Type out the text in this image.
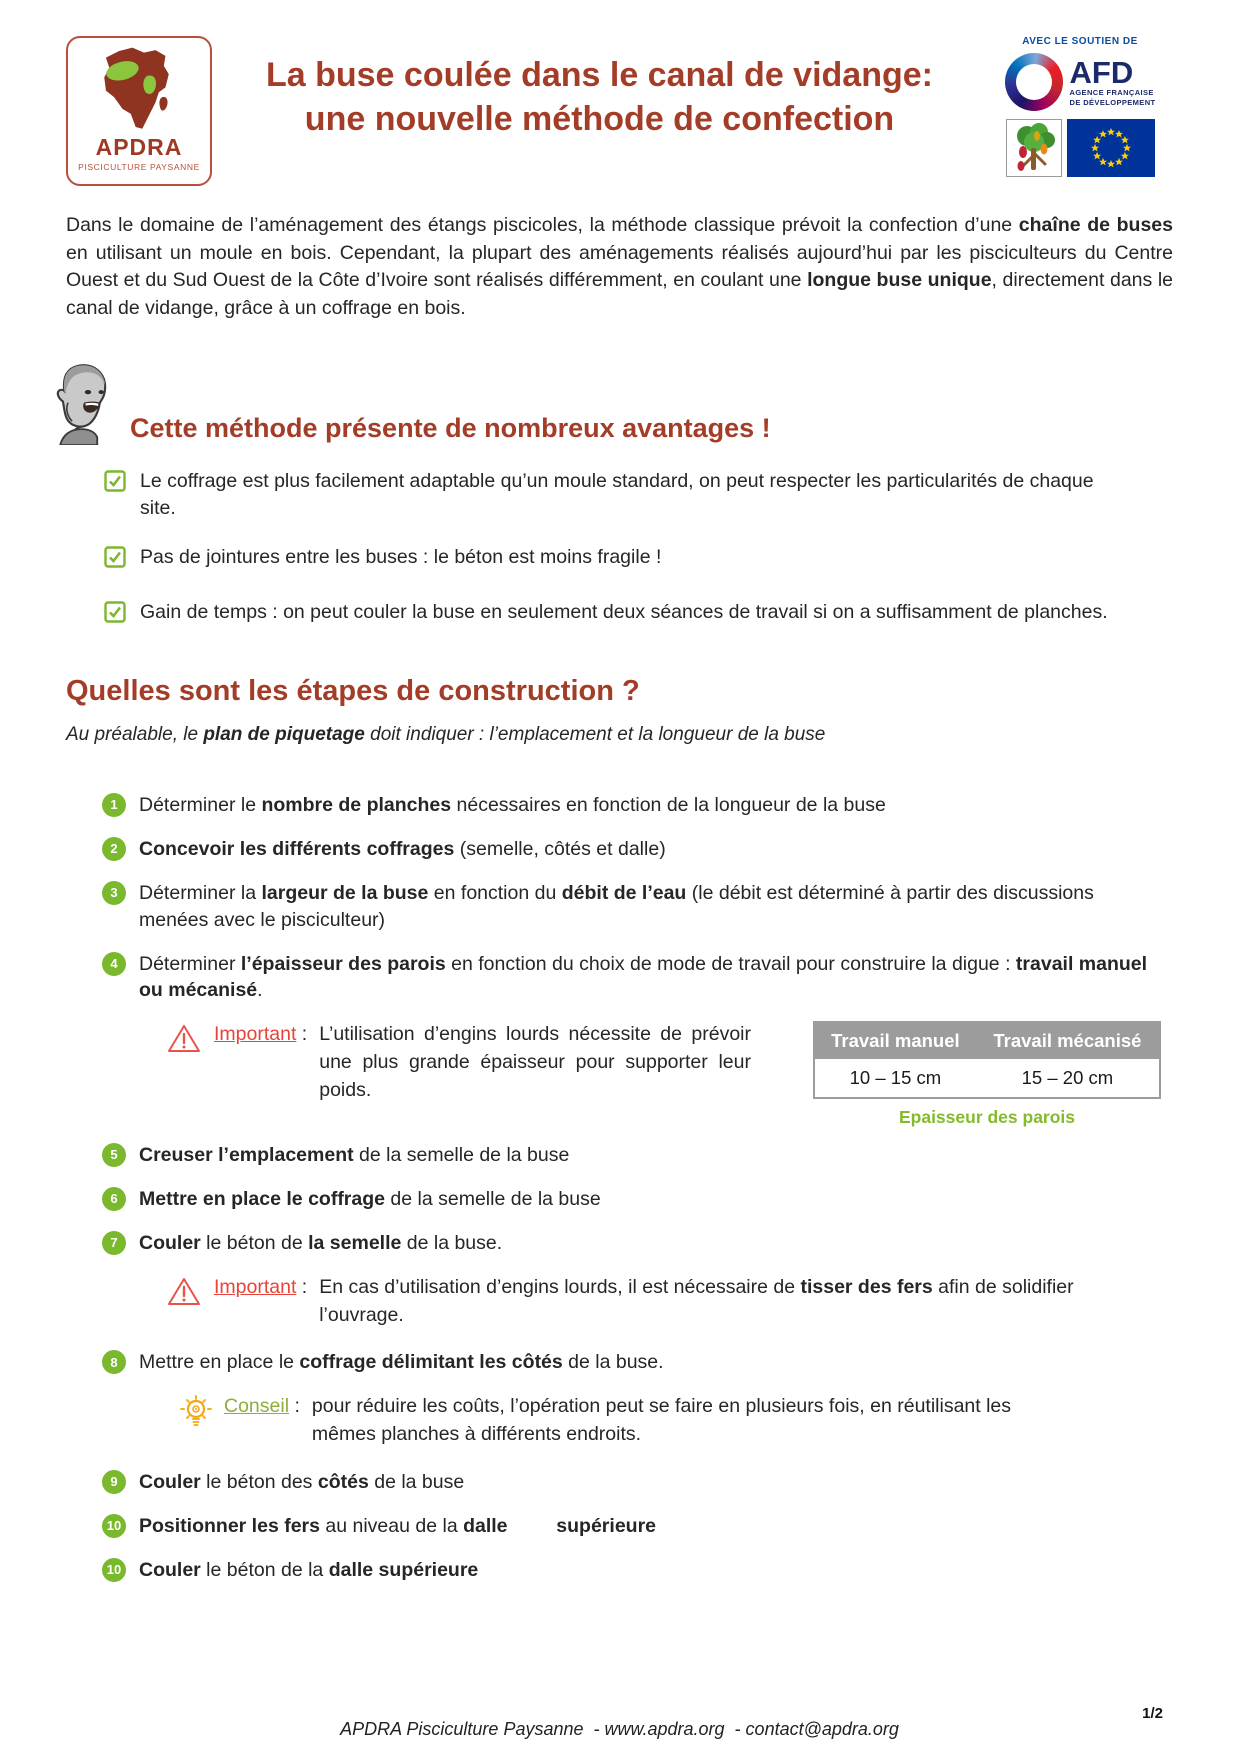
APDRA
PISCICULTURE PAYSANNE
La buse coulée dans le canal de vidange: une nouvelle méthode de confection
AVEC LE SOUTIEN DE
AFD
AGENCE FRANÇAISE
DE DÉVELOPPEMENT

Dans le domaine de l’aménagement des étangs piscicoles, la méthode classique prévoit la confection d’une chaîne de buses en utilisant un moule en bois. Cependant, la plupart des aménagements réalisés aujourd’hui par les pisciculteurs du Centre Ouest et du Sud Ouest de la Côte d’Ivoire sont réalisés différemment, en coulant une longue buse unique, directement dans le canal de vidange, grâce à un coffrage en bois.

Cette méthode présente de nombreux avantages !
Le coffrage est plus facilement adaptable qu’un moule standard, on peut respecter les particularités de chaque site.
Pas de jointures entre les buses : le béton est moins fragile !
Gain de temps : on peut couler la buse en seulement deux séances de travail si on a suffisamment de planches.
Quelles sont les étapes de construction ?

Au préalable, le plan de piquetage doit indiquer : l’emplacement et la longueur de la buse

1	Déterminer le nombre de planches nécessaires en fonction de la longueur de la buse
2	Concevoir les différents coffrages (semelle, côtés et dalle)
3	Déterminer la largeur de la buse en fonction du débit de l’eau (le débit est déterminé à partir des discussions menées avec le pisciculteur)
4	Déterminer l’épaisseur des parois en fonction du choix de mode de travail pour construire la digue : travail manuel ou mécanisé.
Important : L’utilisation d’engins lourds nécessite de prévoir une plus grande épaisseur pour supporter leur poids.
Travail manuel	Travail mécanisé
10 – 15 cm	15 – 20 cm
Epaisseur des parois
5	Creuser l’emplacement de la semelle de la buse
6	Mettre en place le coffrage de la semelle de la buse
7	Couler le béton de la semelle de la buse.
Important : En cas d’utilisation d’engins lourds, il est nécessaire de tisser des fers afin de solidifier l’ouvrage.
8	Mettre en place le coffrage délimitant les côtés de la buse.
Conseil : pour réduire les coûts, l’opération peut se faire en plusieurs fois, en réutilisant les mêmes planches à différents endroits.
9	Couler le béton des côtés de la buse
10 Positionner les fers au niveau de la dalle	supérieure
10 Couler le béton de la dalle supérieure
1/2
APDRA Pisciculture Paysanne  - www.apdra.org  - contact@apdra.org
